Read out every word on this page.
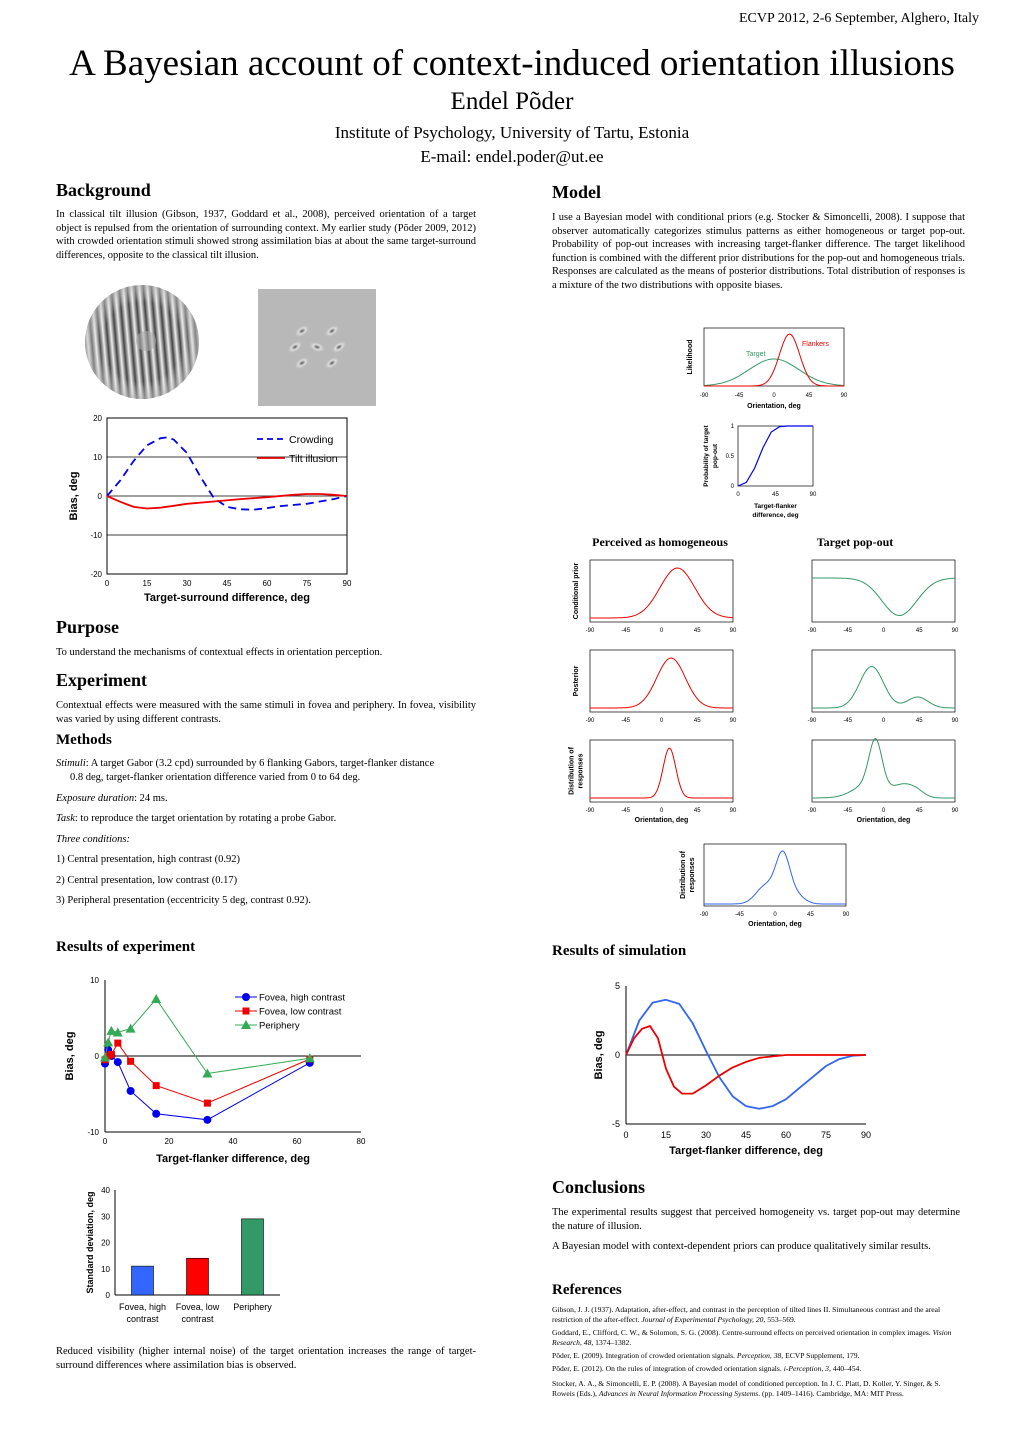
ECVP 2012, 2-6 September, Alghero, Italy
A Bayesian account of context-induced orientation illusions
Endel Põder
Institute of Psychology, University of Tartu, Estonia
E-mail: endel.poder@ut.ee
Background
In classical tilt illusion (Gibson, 1937, Goddard et al., 2008), perceived orientation of a target object is repulsed from the orientation of surrounding context. My earlier study (Põder 2009, 2012) with crowded orientation stimuli showed strong assimilation bias at about the same target-surround differences, opposite to the classical tilt illusion.
20
10
0
-10
-20
0	15	30	45	60	75	90
Target-surround difference, deg
Bias, deg
Crowding
Tilt illusion
Purpose
To understand the mechanisms of contextual effects in orientation perception.
Experiment
Contextual effects were measured with the same stimuli in fovea and periphery. In fovea, visibility was varied by using different contrasts.
Methods
Stimuli: A target Gabor (3.2 cpd) surrounded by 6 flanking Gabors, target-flanker distance
0.8 deg, target-flanker orientation difference varied from 0 to 64 deg.
Exposure duration: 24 ms.
Task: to reproduce the target orientation by rotating a probe Gabor.
Three conditions:
1) Central presentation, high contrast (0.92)
2) Central presentation, low contrast (0.17)
3) Peripheral presentation (eccentricity 5 deg, contrast 0.92).
Results of experiment
10
0
-10
0	20	40	60	80
Target-flanker difference, deg
Bias, deg
Fovea, high contrast
Fovea, low contrast
Periphery
40
30
20
10
0
Standard deviation, deg
Fovea, high
contrast
Fovea, low
contrast
Periphery
Reduced visibility (higher internal noise) of the target orientation increases the range of target-surround differences where assimilation bias is observed.
Model
I use a Bayesian model with conditional priors (e.g. Stocker & Simoncelli, 2008). I suppose that observer automatically categorizes stimulus patterns as either homogeneous or target pop-out. Probability of pop-out increases with increasing target-flanker difference. The target likelihood function is combined with the different prior distributions for the pop-out and homogeneous trials. Responses are calculated as the means of posterior distributions. Total distribution of responses is a mixture of the two distributions with opposite biases.
-90	-45	0	45	90
Orientation, deg
Likelihood	Target
Flankers
1
0.5
0
0	45	90
Target-flanker
difference, deg
Probability of target pop-out
Perceived as homogeneous	Target pop-out
Conditional prior
Posterior
Distribution of responses
-90	-45	0	45	90	-90	-45	0	45	90
-90	-45	0	45	90	-90	-45	0	45	90
-90	-45	0	45	90
Orientation, deg
-90	-45	0	45	90
Orientation, deg
-90	-45	0	45	90
Orientation, deg
Distribution of responses
Results of simulation
5
0
-5
0	15	30	45	60	75	90
Target-flanker difference, deg
Bias, deg
Conclusions
The experimental results suggest that perceived homogeneity vs. target pop-out may determine the nature of illusion.
A Bayesian model with context-dependent priors can produce qualitatively similar results.
References
Gibson, J. J. (1937). Adaptation, after-effect, and contrast in the perception of tilted lines II. Simultaneous contrast and the areal restriction of the after-effect. Journal of Experimental Psychology, 20, 553–569.
Goddard, E., Clifford, C. W., & Solomon, S. G. (2008). Centre-surround effects on perceived orientation in complex images. Vision Research, 48, 1374–1382.
Põder, E. (2009). Integration of crowded orientation signals. Perception, 38, ECVP Supplement, 179.
Põder, E. (2012). On the rules of integration of crowded orientation signals. i-Perception, 3, 440–454.
Stocker, A. A., & Simoncelli, E. P. (2008). A Bayesian model of conditioned perception. In J. C. Platt, D. Koller, Y. Singer, & S. Roweis (Eds.), Advances in Neural Information Processing Systems. (pp. 1409–1416). Cambridge, MA: MIT Press.
